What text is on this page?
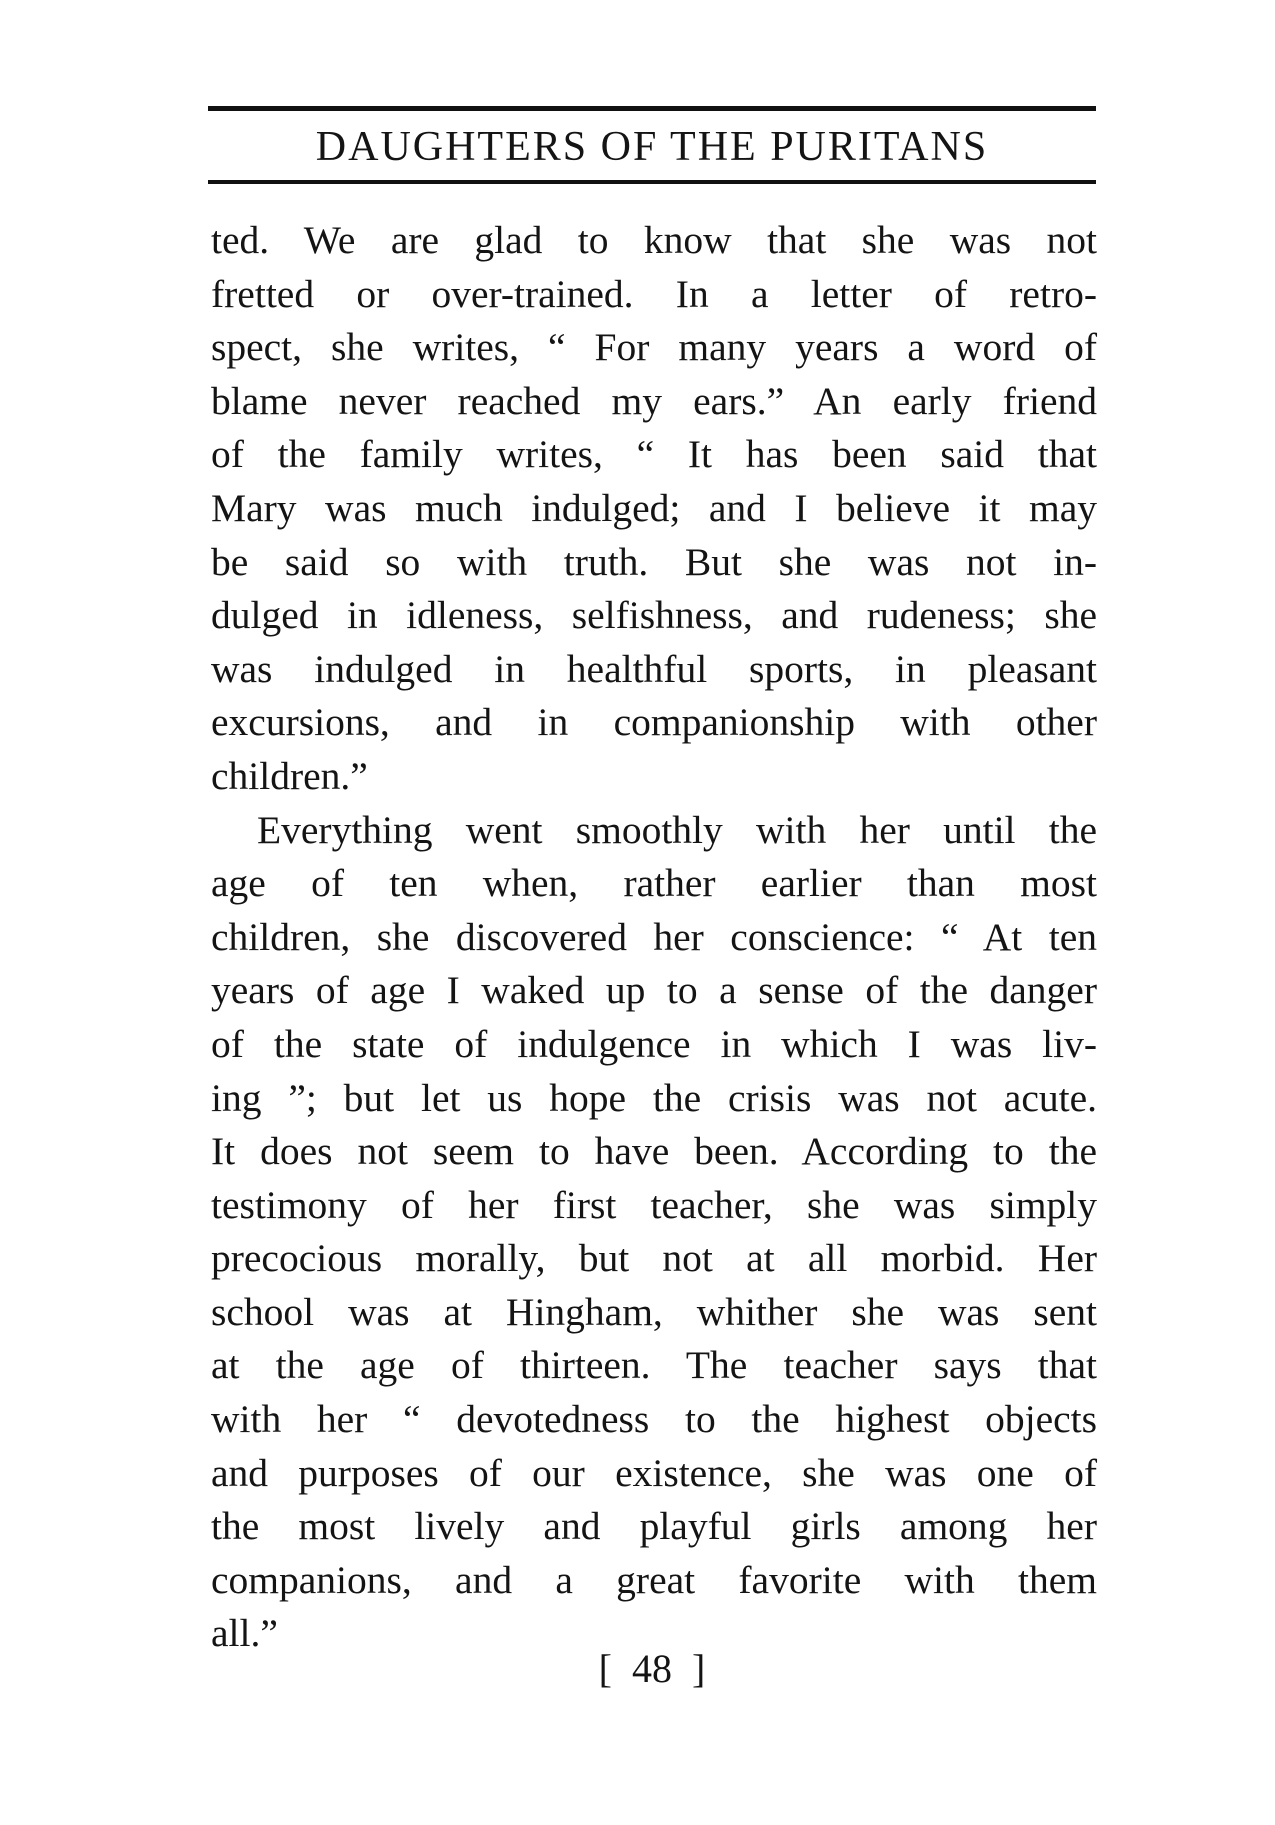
DAUGHTERS OF THE PURITANS

ted. We are glad to know that she was not
fretted or over-trained. In a letter of retro-
spect, she writes, “ For many years a word of
blame never reached my ears.” An early friend
of the family writes, “ It has been said that
Mary was much indulged; and I believe it may
be said so with truth. But she was not in-
dulged in idleness, selfishness, and rudeness; she
was indulged in healthful sports, in pleasant
excursions, and in companionship with other
children.”

Everything went smoothly with her until the
age of ten when, rather earlier than most
children, she discovered her conscience: “ At ten
years of age I waked up to a sense of the danger
of the state of indulgence in which I was liv-
ing ”; but let us hope the crisis was not acute.
It does not seem to have been. According to the
testimony of her first teacher, she was simply
precocious morally, but not at all morbid. Her
school was at Hingham, whither she was sent
at the age of thirteen. The teacher says that
with her “ devotedness to the highest objects
and purposes of our existence, she was one of
the most lively and playful girls among her
companions, and a great favorite with them
all.”

[ 48 ]
